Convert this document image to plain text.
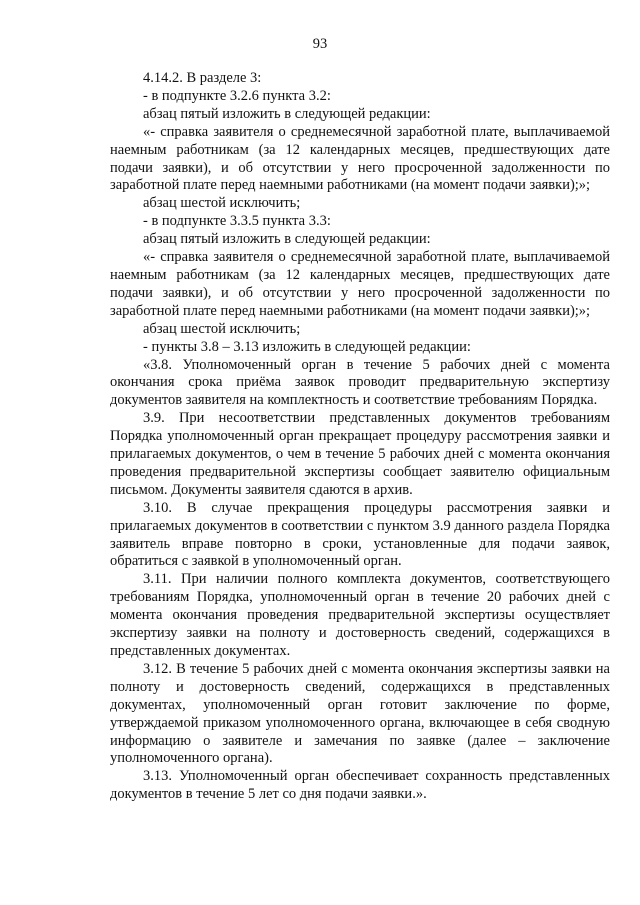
93

4.14.2. В разделе 3:

- в подпункте 3.2.6 пункта 3.2:

абзац пятый изложить в следующей редакции:

«- справка заявителя о среднемесячной заработной плате, выплачиваемой наемным работникам (за 12 календарных месяцев, предшествующих дате подачи заявки), и об отсутствии у него просроченной задолженности по заработной плате перед наемными работниками (на момент подачи заявки);»;

абзац шестой исключить;

- в подпункте 3.3.5 пункта 3.3:

абзац пятый изложить в следующей редакции:

«- справка заявителя о среднемесячной заработной плате, выплачиваемой наемным работникам (за 12 календарных месяцев, предшествующих дате подачи заявки), и об отсутствии у него просроченной задолженности по заработной плате перед наемными работниками (на момент подачи заявки);»;

абзац шестой исключить;

- пункты 3.8 – 3.13 изложить в следующей редакции:

«3.8. Уполномоченный орган в течение 5 рабочих дней с момента окончания срока приёма заявок проводит предварительную экспертизу документов заявителя на комплектность и соответствие требованиям Порядка.

3.9. При несоответствии представленных документов требованиям Порядка уполномоченный орган прекращает процедуру рассмотрения заявки и прилагаемых документов, о чем в течение 5 рабочих дней с момента окончания проведения предварительной экспертизы сообщает заявителю официальным письмом. Документы заявителя сдаются в архив.

3.10. В случае прекращения процедуры рассмотрения заявки и прилагаемых документов в соответствии с пунктом 3.9 данного раздела Порядка заявитель вправе повторно в сроки, установленные для подачи заявок, обратиться с заявкой в уполномоченный орган.

3.11. При наличии полного комплекта документов, соответствующего требованиям Порядка, уполномоченный орган в течение 20 рабочих дней с момента окончания проведения предварительной экспертизы осуществляет экспертизу заявки на полноту и достоверность сведений, содержащихся в представленных документах.

3.12. В течение 5 рабочих дней с момента окончания экспертизы заявки на полноту и достоверность сведений, содержащихся в представленных документах, уполномоченный орган готовит заключение по форме, утверждаемой приказом уполномоченного органа, включающее в себя сводную информацию о заявителе и замечания по заявке (далее – заключение уполномоченного органа).

3.13. Уполномоченный орган обеспечивает сохранность представленных документов в течение 5 лет со дня подачи заявки.».
